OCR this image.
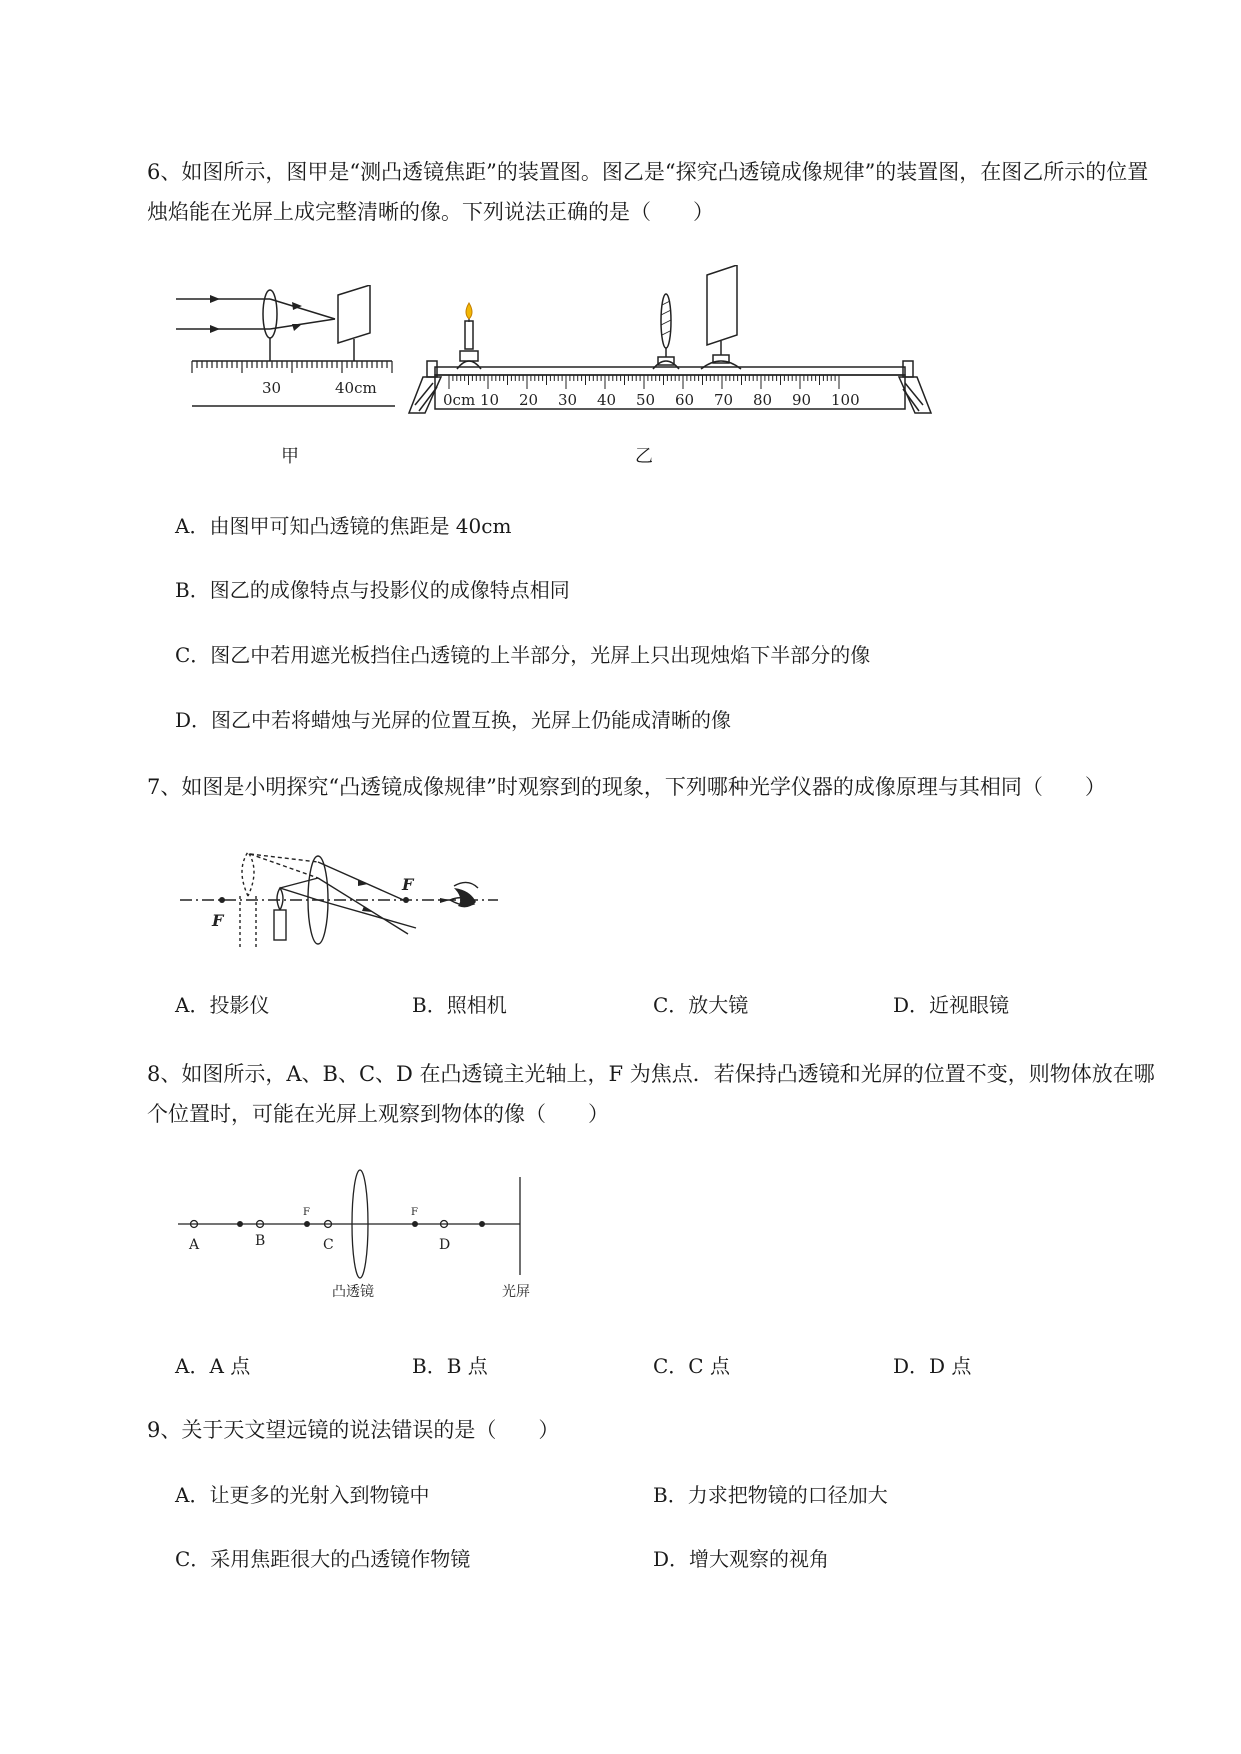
6、如图所示，图甲是“测凸透镜焦距”的装置图。图乙是“探究凸透镜成像规律”的装置图，在图乙所示的位置烛焰能在光屏上成完整清晰的像。下列说法正确的是（　　）
30	40cm
甲
0cm 10 20 30 40 50 60 70 80 90 100
乙
A．由图甲可知凸透镜的焦距是 40cm
B．图乙的成像特点与投影仪的成像特点相同
C．图乙中若用遮光板挡住凸透镜的上半部分，光屏上只出现烛焰下半部分的像
D．图乙中若将蜡烛与光屏的位置互换，光屏上仍能成清晰的像
7、如图是小明探究“凸透镜成像规律”时观察到的现象，下列哪种光学仪器的成像原理与其相同（　　）
F
F
A．投影仪	B．照相机	C．放大镜	D．近视眼镜
8、如图所示，A、B、C、D 在凸透镜主光轴上，F 为焦点．若保持凸透镜和光屏的位置不变，则物体放在哪个位置时，可能在光屏上观察到物体的像（　　）
A	B	C	D
F	F
凸透镜	光屏
A．A 点	B．B 点	C．C 点	D．D 点
9、关于天文望远镜的说法错误的是（　　）
A．让更多的光射入到物镜中	B．力求把物镜的口径加大
C．采用焦距很大的凸透镜作物镜	D．增大观察的视角
